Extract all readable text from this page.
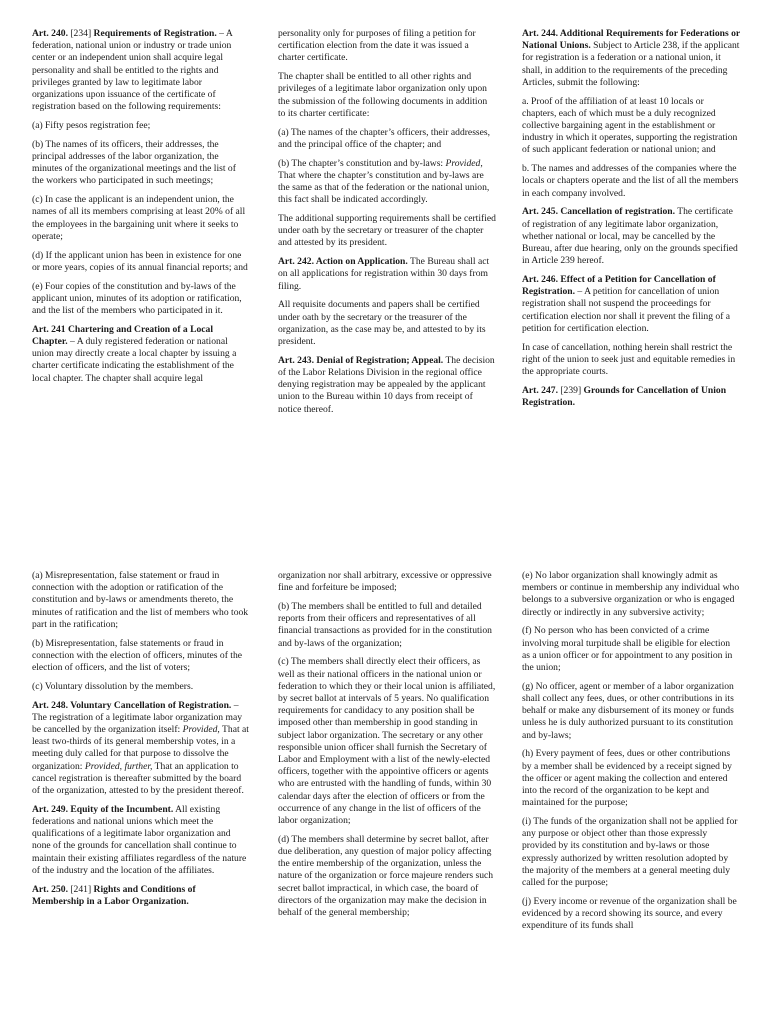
Art. 240. [234] Requirements of Registration. – A federation, national union or industry or trade union center or an independent union shall acquire legal personality and shall be entitled to the rights and privileges granted by law to legitimate labor organizations upon issuance of the certificate of registration based on the following requirements:

(a) Fifty pesos registration fee;

(b) The names of its officers, their addresses, the principal addresses of the labor organization, the minutes of the organizational meetings and the list of the workers who participated in such meetings;

(c) In case the applicant is an independent union, the names of all its members comprising at least 20% of all the employees in the bargaining unit where it seeks to operate;

(d) If the applicant union has been in existence for one or more years, copies of its annual financial reports; and

(e) Four copies of the constitution and by-laws of the applicant union, minutes of its adoption or ratification, and the list of the members who participated in it.

Art. 241 Chartering and Creation of a Local Chapter. – A duly registered federation or national union may directly create a local chapter by issuing a charter certificate indicating the establishment of the local chapter. The chapter shall acquire legal

personality only for purposes of filing a petition for certification election from the date it was issued a charter certificate.

The chapter shall be entitled to all other rights and privileges of a legitimate labor organization only upon the submission of the following documents in addition to its charter certificate:

(a) The names of the chapter’s officers, their addresses, and the principal office of the chapter; and

(b) The chapter’s constitution and by-laws: Provided, That where the chapter’s constitution and by-laws are the same as that of the federation or the national union, this fact shall be indicated accordingly.

The additional supporting requirements shall be certified under oath by the secretary or treasurer of the chapter and attested by its president.

Art. 242. Action on Application. The Bureau shall act on all applications for registration within 30 days from filing.

All requisite documents and papers shall be certified under oath by the secretary or the treasurer of the organization, as the case may be, and attested to by its president.

Art. 243. Denial of Registration; Appeal. The decision of the Labor Relations Division in the regional office denying registration may be appealed by the applicant union to the Bureau within 10 days from receipt of notice thereof.

Art. 244. Additional Requirements for Federations or National Unions. Subject to Article 238, if the applicant for registration is a federation or a national union, it shall, in addition to the requirements of the preceding Articles, submit the following:

a. Proof of the affiliation of at least 10 locals or chapters, each of which must be a duly recognized collective bargaining agent in the establishment or industry in which it operates, supporting the registration of such applicant federation or national union; and

b. The names and addresses of the companies where the locals or chapters operate and the list of all the members in each company involved.

Art. 245. Cancellation of registration. The certificate of registration of any legitimate labor organization, whether national or local, may be cancelled by the Bureau, after due hearing, only on the grounds specified in Article 239 hereof.

Art. 246. Effect of a Petition for Cancellation of Registration. – A petition for cancellation of union registration shall not suspend the proceedings for certification election nor shall it prevent the filing of a petition for certification election.

In case of cancellation, nothing herein shall restrict the right of the union to seek just and equitable remedies in the appropriate courts.

Art. 247. [239] Grounds for Cancellation of Union Registration.

(a) Misrepresentation, false statement or fraud in connection with the adoption or ratification of the constitution and by-laws or amendments thereto, the minutes of ratification and the list of members who took part in the ratification;

(b) Misrepresentation, false statements or fraud in connection with the election of officers, minutes of the election of officers, and the list of voters;

(c) Voluntary dissolution by the members.

Art. 248. Voluntary Cancellation of Registration. – The registration of a legitimate labor organization may be cancelled by the organization itself: Provided, That at least two-thirds of its general membership votes, in a meeting duly called for that purpose to dissolve the organization: Provided, further, That an application to cancel registration is thereafter submitted by the board of the organization, attested to by the president thereof.

Art. 249. Equity of the Incumbent. All existing federations and national unions which meet the qualifications of a legitimate labor organization and none of the grounds for cancellation shall continue to maintain their existing affiliates regardless of the nature of the industry and the location of the affiliates.

Art. 250. [241] Rights and Conditions of Membership in a Labor Organization.

organization nor shall arbitrary, excessive or oppressive fine and forfeiture be imposed;

(b) The members shall be entitled to full and detailed reports from their officers and representatives of all financial transactions as provided for in the constitution and by-laws of the organization;

(c) The members shall directly elect their officers, as well as their national officers in the national union or federation to which they or their local union is affiliated, by secret ballot at intervals of 5 years. No qualification requirements for candidacy to any position shall be imposed other than membership in good standing in subject labor organization. The secretary or any other responsible union officer shall furnish the Secretary of Labor and Employment with a list of the newly-elected officers, together with the appointive officers or agents who are entrusted with the handling of funds, within 30 calendar days after the election of officers or from the occurrence of any change in the list of officers of the labor organization;

(d) The members shall determine by secret ballot, after due deliberation, any question of major policy affecting the entire membership of the organization, unless the nature of the organization or force majeure renders such secret ballot impractical, in which case, the board of directors of the organization may make the decision in behalf of the general membership;

(e) No labor organization shall knowingly admit as members or continue in membership any individual who belongs to a subversive organization or who is engaged directly or indirectly in any subversive activity;

(f) No person who has been convicted of a crime involving moral turpitude shall be eligible for election as a union officer or for appointment to any position in the union;

(g) No officer, agent or member of a labor organization shall collect any fees, dues, or other contributions in its behalf or make any disbursement of its money or funds unless he is duly authorized pursuant to its constitution and by-laws;

(h) Every payment of fees, dues or other contributions by a member shall be evidenced by a receipt signed by the officer or agent making the collection and entered into the record of the organization to be kept and maintained for the purpose;

(i) The funds of the organization shall not be applied for any purpose or object other than those expressly provided by its constitution and by-laws or those expressly authorized by written resolution adopted by the majority of the members at a general meeting duly called for the purpose;

(j) Every income or revenue of the organization shall be evidenced by a record showing its source, and every expenditure of its funds shall
